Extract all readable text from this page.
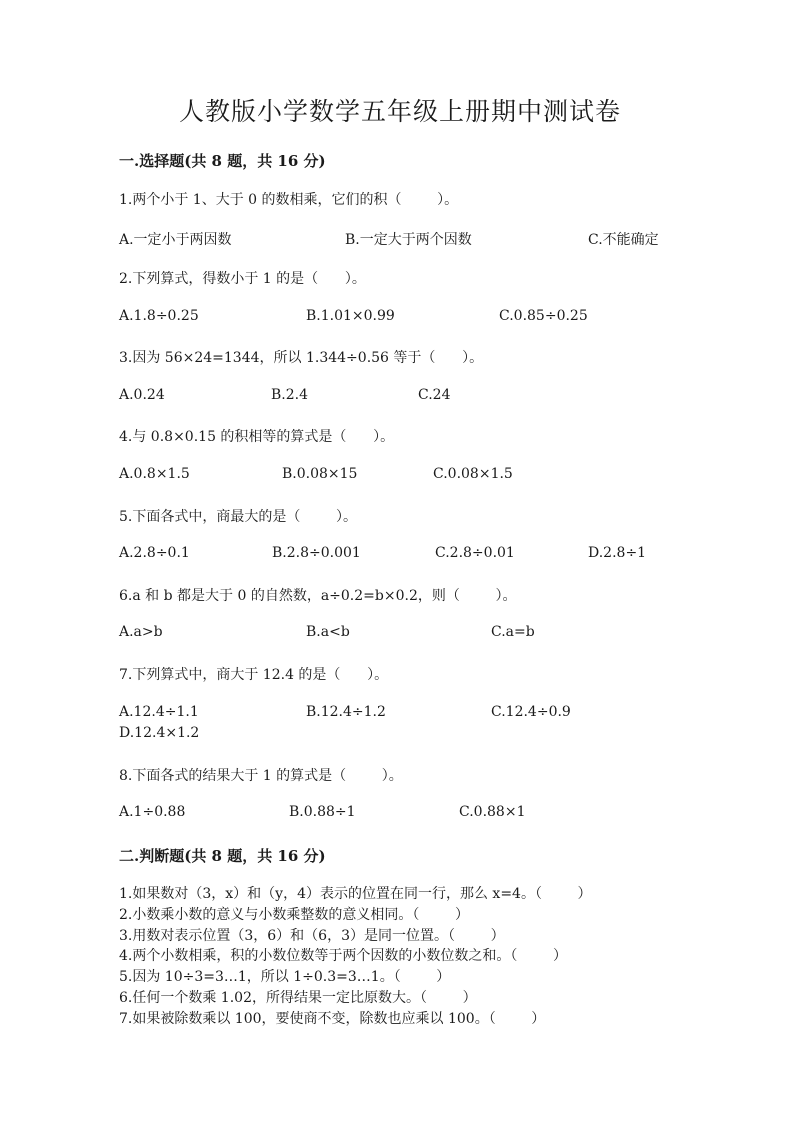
人教版小学数学五年级上册期中测试卷
一.选择题(共 8 题，共 16 分)
1.两个小于 1、大于 0 的数相乘，它们的积（        ）。
A.一定小于两因数	B.一定大于两个因数	C.不能确定
2.下列算式，得数小于 1 的是（      ）。
A.1.8÷0.25	B.1.01×0.99	C.0.85÷0.25
3.因为 56×24=1344，所以 1.344÷0.56 等于（      ）。
A.0.24	B.2.4	C.24
4.与 0.8×0.15 的积相等的算式是（      ）。
A.0.8×1.5	B.0.08×15	C.0.08×1.5
5.下面各式中，商最大的是（        ）。
A.2.8÷0.1	B.2.8÷0.001	C.2.8÷0.01	D.2.8÷1
6.a 和 b 都是大于 0 的自然数，a÷0.2=b×0.2，则（        ）。
A.a>b	B.a<b	C.a=b
7.下列算式中，商大于 12.4 的是（      ）。
A.12.4÷1.1	B.12.4÷1.2	C.12.4÷0.9
D.12.4×1.2
8.下面各式的结果大于 1 的算式是（        ）。
A.1÷0.88	B.0.88÷1	C.0.88×1
二.判断题(共 8 题，共 16 分)
1.如果数对（3，x）和（y，4）表示的位置在同一行，那么 x=4。（        ）
2.小数乘小数的意义与小数乘整数的意义相同。（        ）
3.用数对表示位置（3，6）和（6，3）是同一位置。（        ）
4.两个小数相乘，积的小数位数等于两个因数的小数位数之和。（        ）
5.因为 10÷3=3…1，所以 1÷0.3=3…1。（        ）
6.任何一个数乘 1.02，所得结果一定比原数大。（        ）
7.如果被除数乘以 100，要使商不变，除数也应乘以 100。（        ）
